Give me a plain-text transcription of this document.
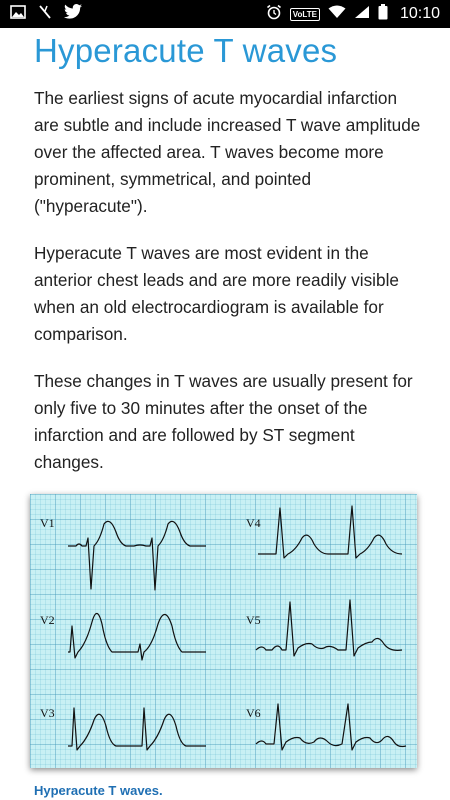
VoLTE	10:10
Hyperacute T waves

The earliest signs of acute myocardial infarction are subtle and include increased T wave amplitude over the affected area. T waves become more prominent, symmetrical, and pointed ("hyperacute").

Hyperacute T waves are most evident in the anterior chest leads and are more readily visible when an old electrocardiogram is available for comparison.

These changes in T waves are usually present for only five to 30 minutes after the onset of the infarction and are followed by ST segment changes.

V1
V2
V3
V4
V5
V6
Hyperacute T waves.
